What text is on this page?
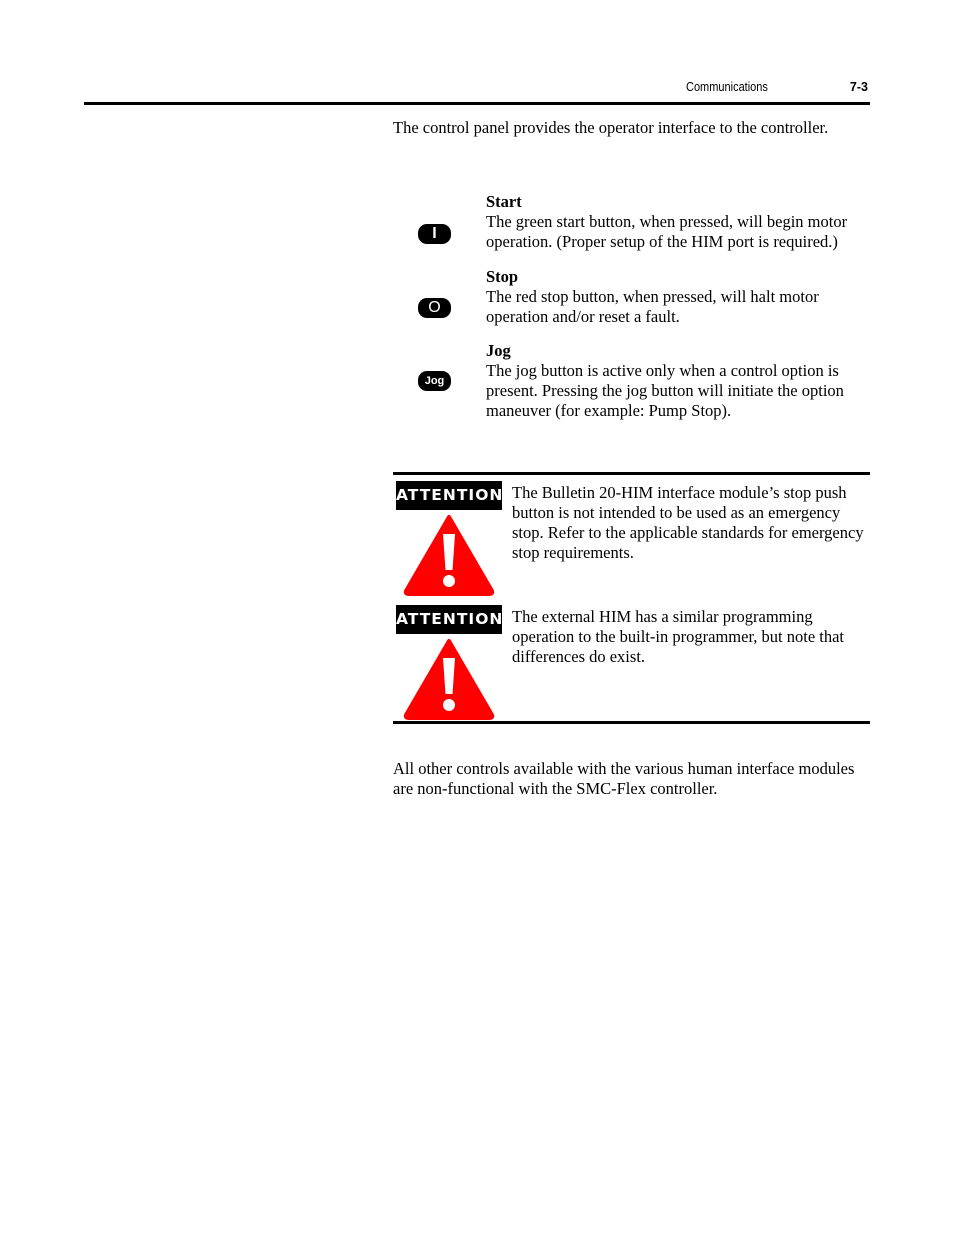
Communications	7-3

The control panel provides the operator interface to the controller.

I
Start
The green start button, when pressed, will begin motor operation. (Proper setup of the HIM port is required.)
O
Stop
The red stop button, when pressed, will halt motor operation and/or reset a fault.
Jog
Jog
The jog button is active only when a control option is present. Pressing the jog button will initiate the option maneuver (for example: Pump Stop).
ATTENTION The Bulletin 20-HIM interface module’s stop push button is not intended to be used as an emergency stop. Refer to the applicable standards for emergency stop requirements.
ATTENTION The external HIM has a similar programming operation to the built-in programmer, but note that differences do exist.

All other controls available with the various human interface modules are non-functional with the SMC-Flex controller.
